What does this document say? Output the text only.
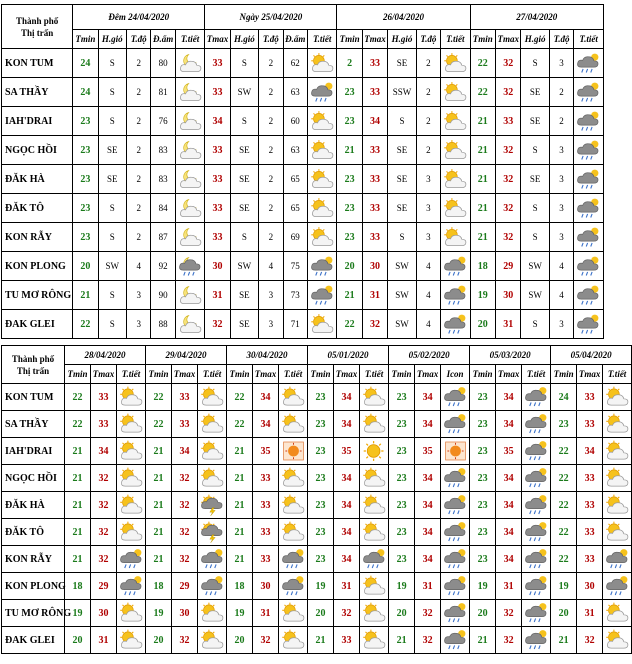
Thành phố
Thị trấn	Đêm 24/04/2020					Ngày 25/04/2020					26/04/2020					27/04/2020				
	Tmin	H.gió	T.độ	Đ.ẩm	T.tiết	Tmax	H.gió	T.độ	Đ.ẩm	T.tiết	Tmin	Tmax	H.gió	T.độ	T.tiết	Tmin	Tmax	H.gió	T.độ	T.tiết
KON TUM	24	S	2	80		33	S	2	62		2	33	SE	2		22	32	S	3	

SA THẦY	24	S	2	81		33	SW	2	63		23	33	SSW	2		22	32	SE	2	

IAH'DRAI	23	S	2	76		34	S	2	60		23	34	S	2		21	33	SE	2	

NGỌC HỒI	23	SE	2	83		33	SE	2	63		21	33	SE	2		21	32	S	3	

ĐĂK HÀ	23	SE	2	83		33	SE	2	65		23	33	SE	3		21	32	SE	3	

ĐĂK TÔ	23	S	2	84		33	SE	2	65		23	33	SE	3		21	32	S	3	

KON RẪY	23	S	2	87		33	S	2	69		23	33	S	3		21	32	S	3	

KON PLONG	20	SW	4	92		30	SW	4	75		20	30	SW	4		18	29	SW	4	

TU MƠ RÔNG	21	S	3	90		31	SE	3	73		21	31	SW	4		19	30	SW	4	

ĐAK GLEI	22	S	3	88		32	SE	3	71		22	32	SW	4		20	31	S	3	
Thành phố
Thị trấn	28/04/2020			29/04/2020			30/04/2020			05/01/2020			05/02/2020			05/03/2020			05/04/2020		
	Tmin	Tmax	T.tiết	Tmin	Tmax	T.tiết	Tmin	Tmax	T.tiết	Tmin	Tmax	T.tiết	Tmin	Tmax	Icon	Tmin	Tmax	T.tiết	Tmin	Tmax	T.tiết
KON TUM	22	33		22	33		22	34		23	34		23	34		23	34		24	33	

SA THẦY	22	33		22	33		22	34		23	34		23	34		23	34		23	33	

IAH'DRAI	21	34		21	34		21	35		23	35		23	35		23	35		22	34	

NGỌC HỒI	21	32		21	32		21	33		23	34		23	34		23	34		22	33	

ĐĂK HÀ	21	32		21	32		21	33		23	34		23	34		23	34		22	33	

ĐĂK TÔ	21	32		21	32		21	33		23	34		23	34		23	34		22	33	

KON RẪY	21	32		21	32		21	33		23	34		23	34		23	34		22	33	

KON PLONG	18	29		18	29		18	30		19	31		19	31		19	31		19	30	

TU MƠ RÔNG	19	30		19	30		19	31		20	32		20	32		20	32		20	31	

ĐAK GLEI	20	31		20	32		20	32		21	33		21	32		21	32		21	32	
